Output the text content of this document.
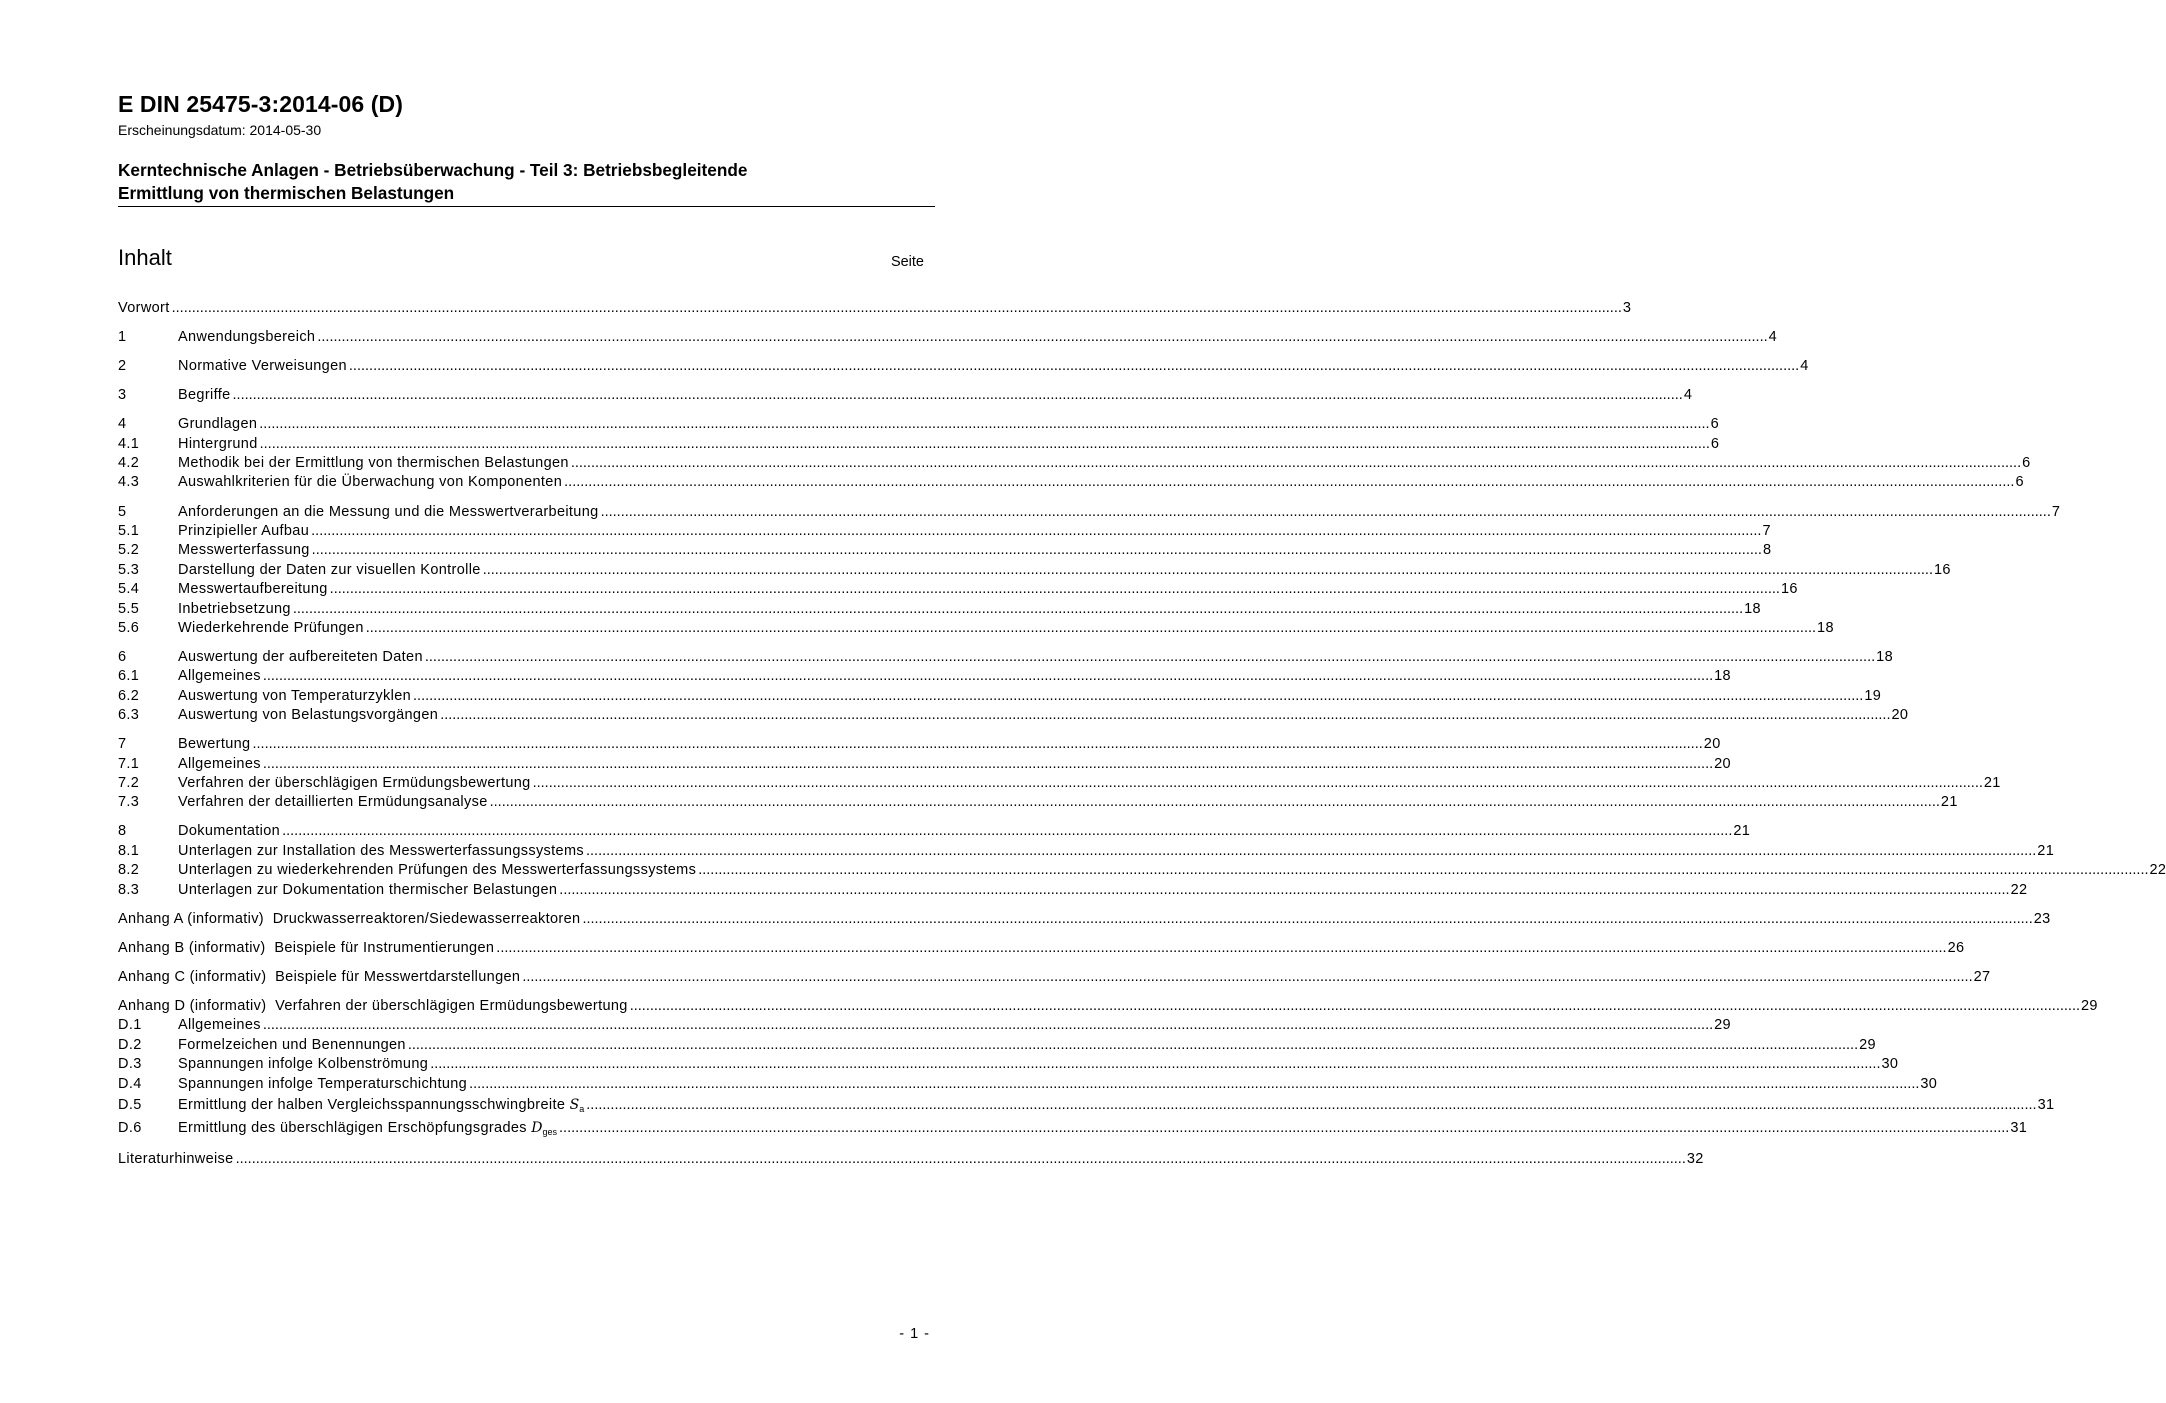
E DIN 25475-3:2014-06 (D)
Erscheinungsdatum: 2014-05-30
Kerntechnische Anlagen - Betriebsüberwachung - Teil 3: Betriebsbegleitende
Ermittlung von thermischen Belastungen
Inhalt	Seite
Vorwort .....	3
1	Anwendungsbereich .....	4
2	Normative Verweisungen .....	4
3	Begriffe .....	4
4	Grundlagen .....	6
4.1	Hintergrund .....	6
4.2	Methodik bei der Ermittlung von thermischen Belastungen .....	6
4.3	Auswahlkriterien für die Überwachung von Komponenten .....	6
5	Anforderungen an die Messung und die Messwertverarbeitung .....	7
5.1	Prinzipieller Aufbau .....	7
5.2	Messwerterfassung .....	8
5.3	Darstellung der Daten zur visuellen Kontrolle .....	16
5.4	Messwertaufbereitung .....	16
5.5	Inbetriebsetzung .....	18
5.6	Wiederkehrende Prüfungen .....	18
6	Auswertung der aufbereiteten Daten .....	18
6.1	Allgemeines .....	18
6.2	Auswertung von Temperaturzyklen .....	19
6.3	Auswertung von Belastungsvorgängen .....	20
7	Bewertung .....	20
7.1	Allgemeines .....	20
7.2	Verfahren der überschlägigen Ermüdungsbewertung .....	21
7.3	Verfahren der detaillierten Ermüdungsanalyse .....	21
8	Dokumentation .....	21
8.1	Unterlagen zur Installation des Messwerterfassungssystems .....	21
8.2	Unterlagen zu wiederkehrenden Prüfungen des Messwerterfassungssystems .....	22
8.3	Unterlagen zur Dokumentation thermischer Belastungen .....	22
Anhang A (informativ)  Druckwasserreaktoren/Siedewasserreaktoren .....	23
Anhang B (informativ)  Beispiele für Instrumentierungen .....	26
Anhang C (informativ)  Beispiele für Messwertdarstellungen .....	27
Anhang D (informativ)  Verfahren der überschlägigen Ermüdungsbewertung .....	29
D.1	Allgemeines .....	29
D.2	Formelzeichen und Benennungen .....	29
D.3	Spannungen infolge Kolbenströmung .....	30
D.4	Spannungen infolge Temperaturschichtung .....	30
D.5	Ermittlung der halben Vergleichsspannungsschwingbreite $S_a$ .....	31
D.6	Ermittlung des überschlägigen Erschöpfungsgrades $D_{ges}$ .....	31
Literaturhinweise .....	32
- 1 -
